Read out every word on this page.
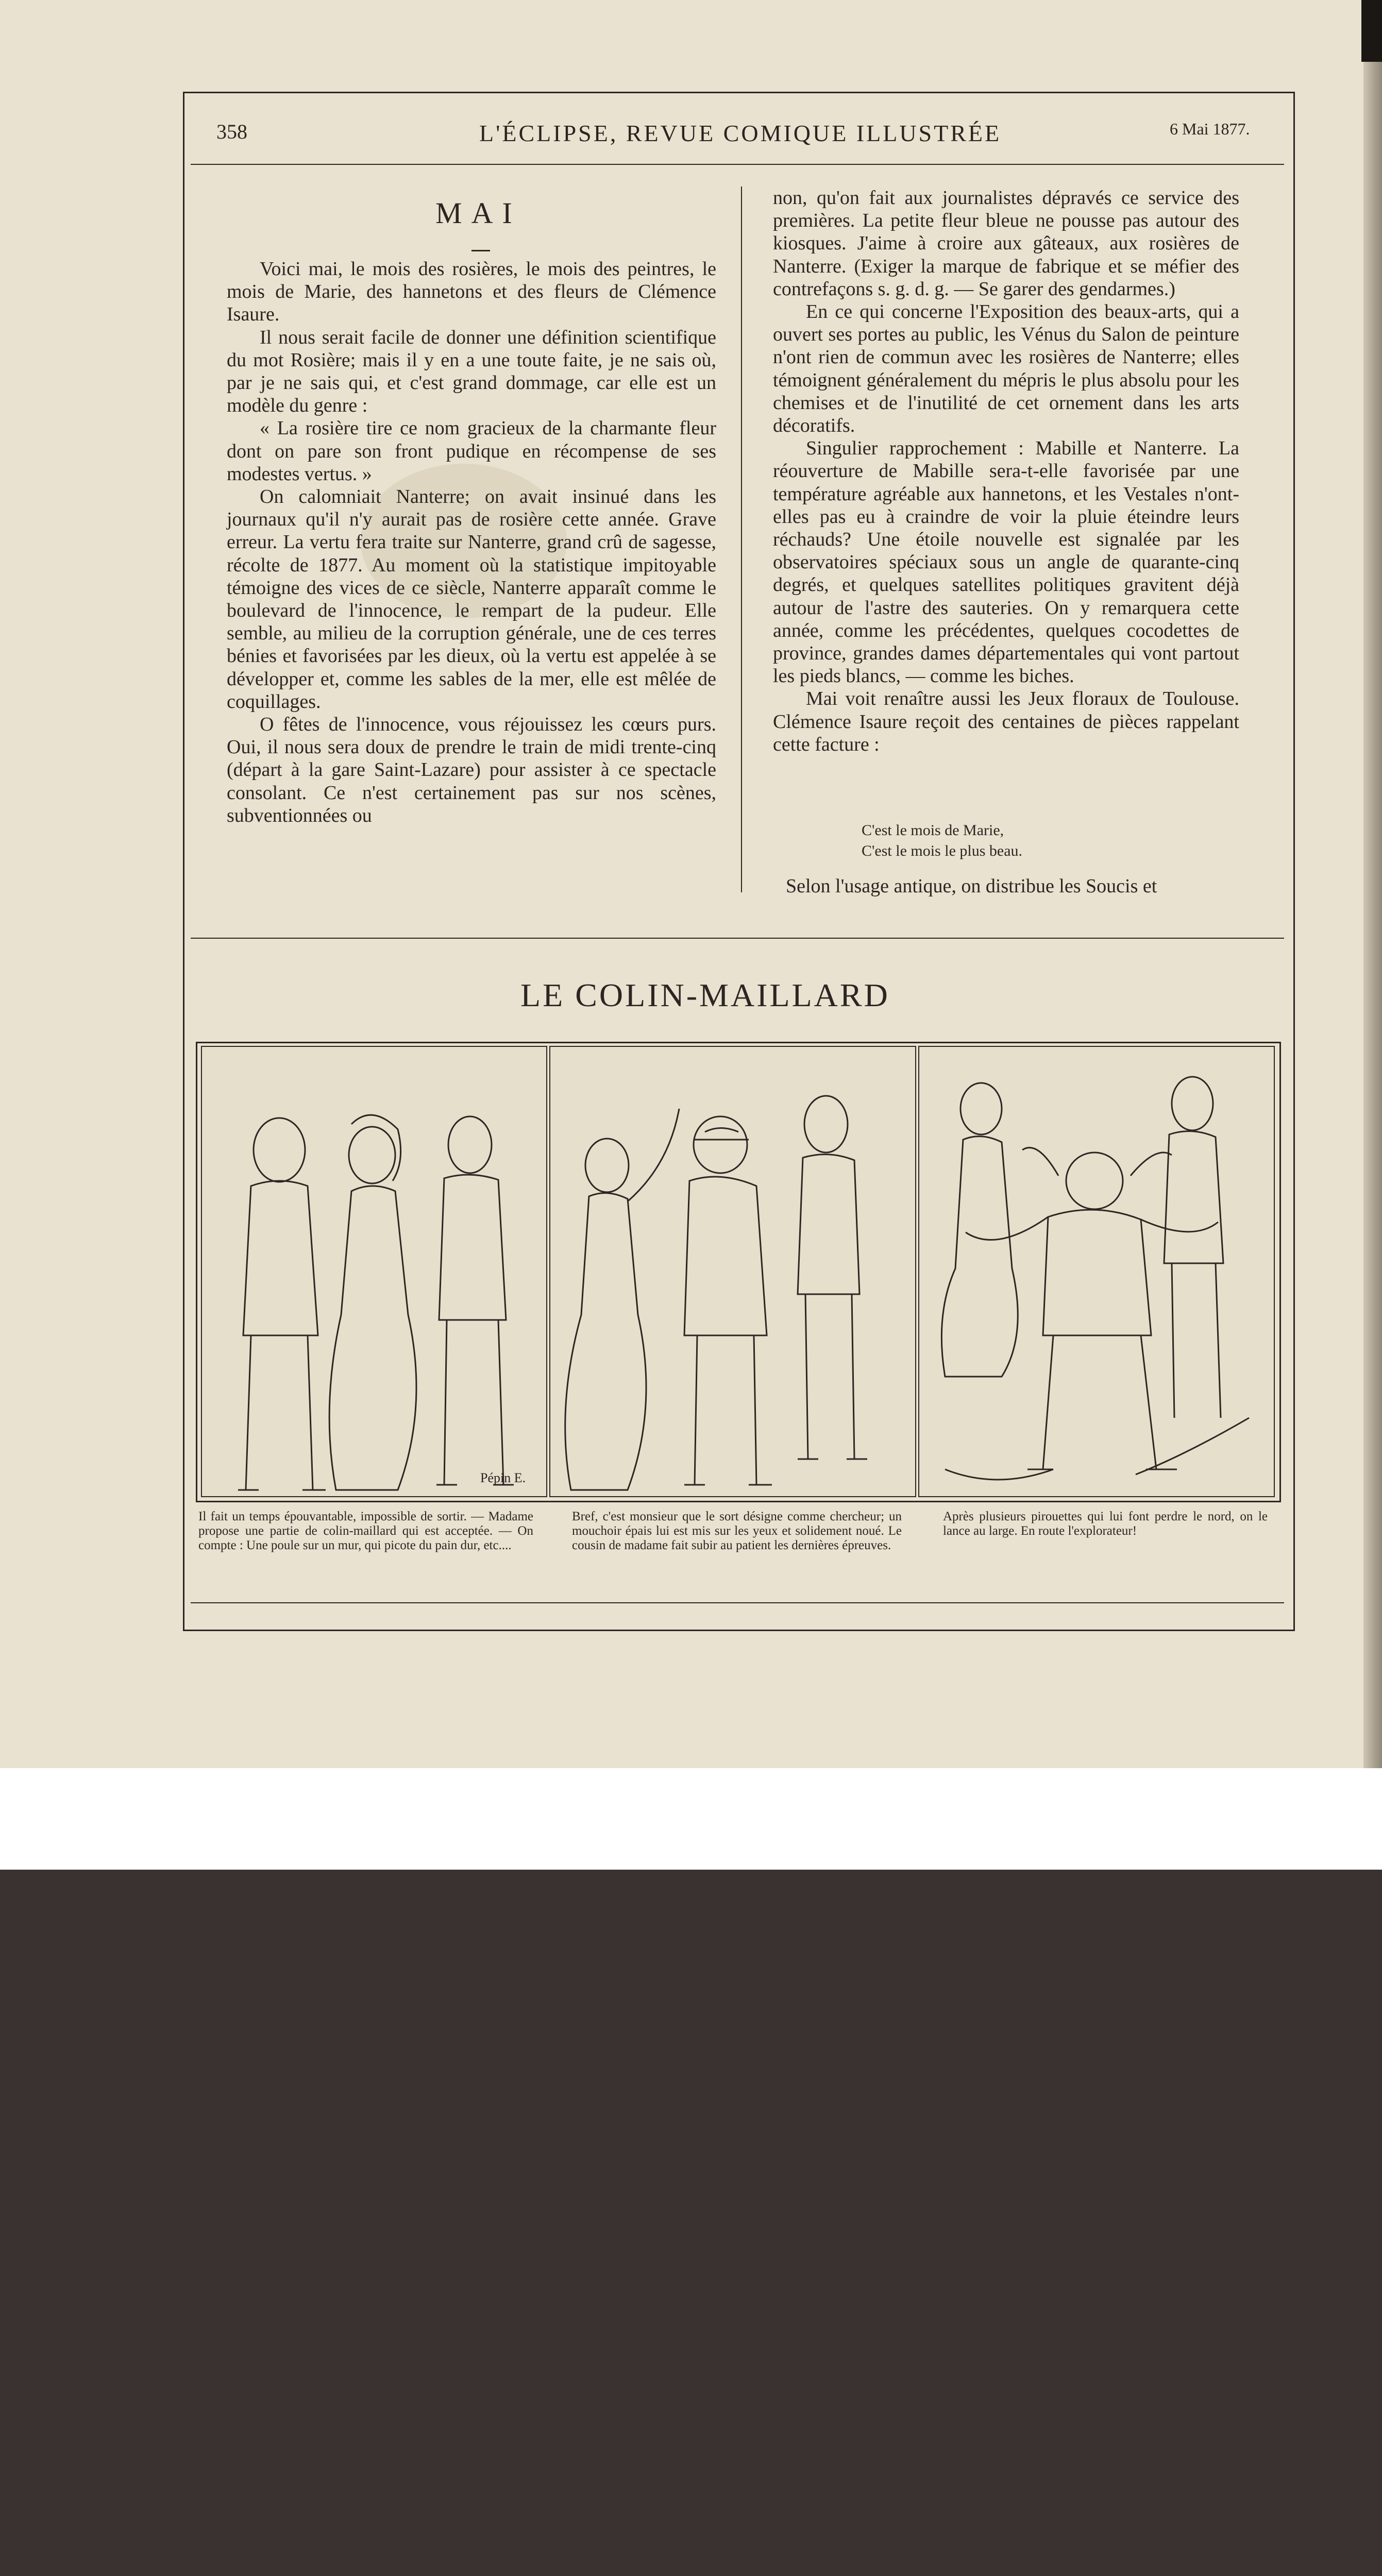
358	L'ÉCLIPSE, REVUE COMIQUE ILLUSTRÉE	6 Mai 1877.
MAI

Voici mai, le mois des rosières, le mois des peintres, le mois de Marie, des hannetons et des fleurs de Clémence Isaure.

Il nous serait facile de donner une définition scientifique du mot Rosière; mais il y en a une toute faite, je ne sais où, par je ne sais qui, et c'est grand dommage, car elle est un modèle du genre :

« La rosière tire ce nom gracieux de la charmante fleur dont on pare son front pudique en récompense de ses modestes vertus. »

On calomniait Nanterre; on avait insinué dans les journaux qu'il n'y aurait pas de rosière cette année. Grave erreur. La vertu fera traite sur Nanterre, grand crû de sagesse, récolte de 1877. Au moment où la statistique impitoyable témoigne des vices de ce siècle, Nanterre apparaît comme le boulevard de l'innocence, le rempart de la pudeur. Elle semble, au milieu de la corruption générale, une de ces terres bénies et favorisées par les dieux, où la vertu est appelée à se développer et, comme les sables de la mer, elle est mêlée de coquillages.

O fêtes de l'innocence, vous réjouissez les cœurs purs. Oui, il nous sera doux de prendre le train de midi trente-cinq (départ à la gare Saint-Lazare) pour assister à ce spectacle consolant. Ce n'est certainement pas sur nos scènes, subventionnées ou

non, qu'on fait aux journalistes dépravés ce service des premières. La petite fleur bleue ne pousse pas autour des kiosques. J'aime à croire aux gâteaux, aux rosières de Nanterre. (Exiger la marque de fabrique et se méfier des contrefaçons s. g. d. g. — Se garer des gendarmes.)

En ce qui concerne l'Exposition des beaux-arts, qui a ouvert ses portes au public, les Vénus du Salon de peinture n'ont rien de commun avec les rosières de Nanterre; elles témoignent généralement du mépris le plus absolu pour les chemises et de l'inutilité de cet ornement dans les arts décoratifs.

Singulier rapprochement : Mabille et Nanterre. La réouverture de Mabille sera-t-elle favorisée par une température agréable aux hannetons, et les Vestales n'ont-elles pas eu à craindre de voir la pluie éteindre leurs réchauds? Une étoile nouvelle est signalée par les observatoires spéciaux sous un angle de quarante-cinq degrés, et quelques satellites politiques gravitent déjà autour de l'astre des sauteries. On y remarquera cette année, comme les précédentes, quelques cocodettes de province, grandes dames départementales qui vont partout les pieds blancs, — comme les biches.

Mai voit renaître aussi les Jeux floraux de Toulouse. Clémence Isaure reçoit des centaines de pièces rappelant cette facture :

C'est le mois de Marie,
C'est le mois le plus beau.
Selon l'usage antique, on distribue les Soucis et
LE COLIN-MAILLARD
Pépin E.
Il fait un temps épouvantable, impossible de sortir. — Madame propose une partie de colin-maillard qui est acceptée. — On compte : Une poule sur un mur, qui picote du pain dur, etc....
Bref, c'est monsieur que le sort désigne comme chercheur; un mouchoir épais lui est mis sur les yeux et solidement noué. Le cousin de madame fait subir au patient les dernières épreuves.
Après plusieurs pirouettes qui lui font perdre le nord, on le lance au large. En route l'explorateur!
